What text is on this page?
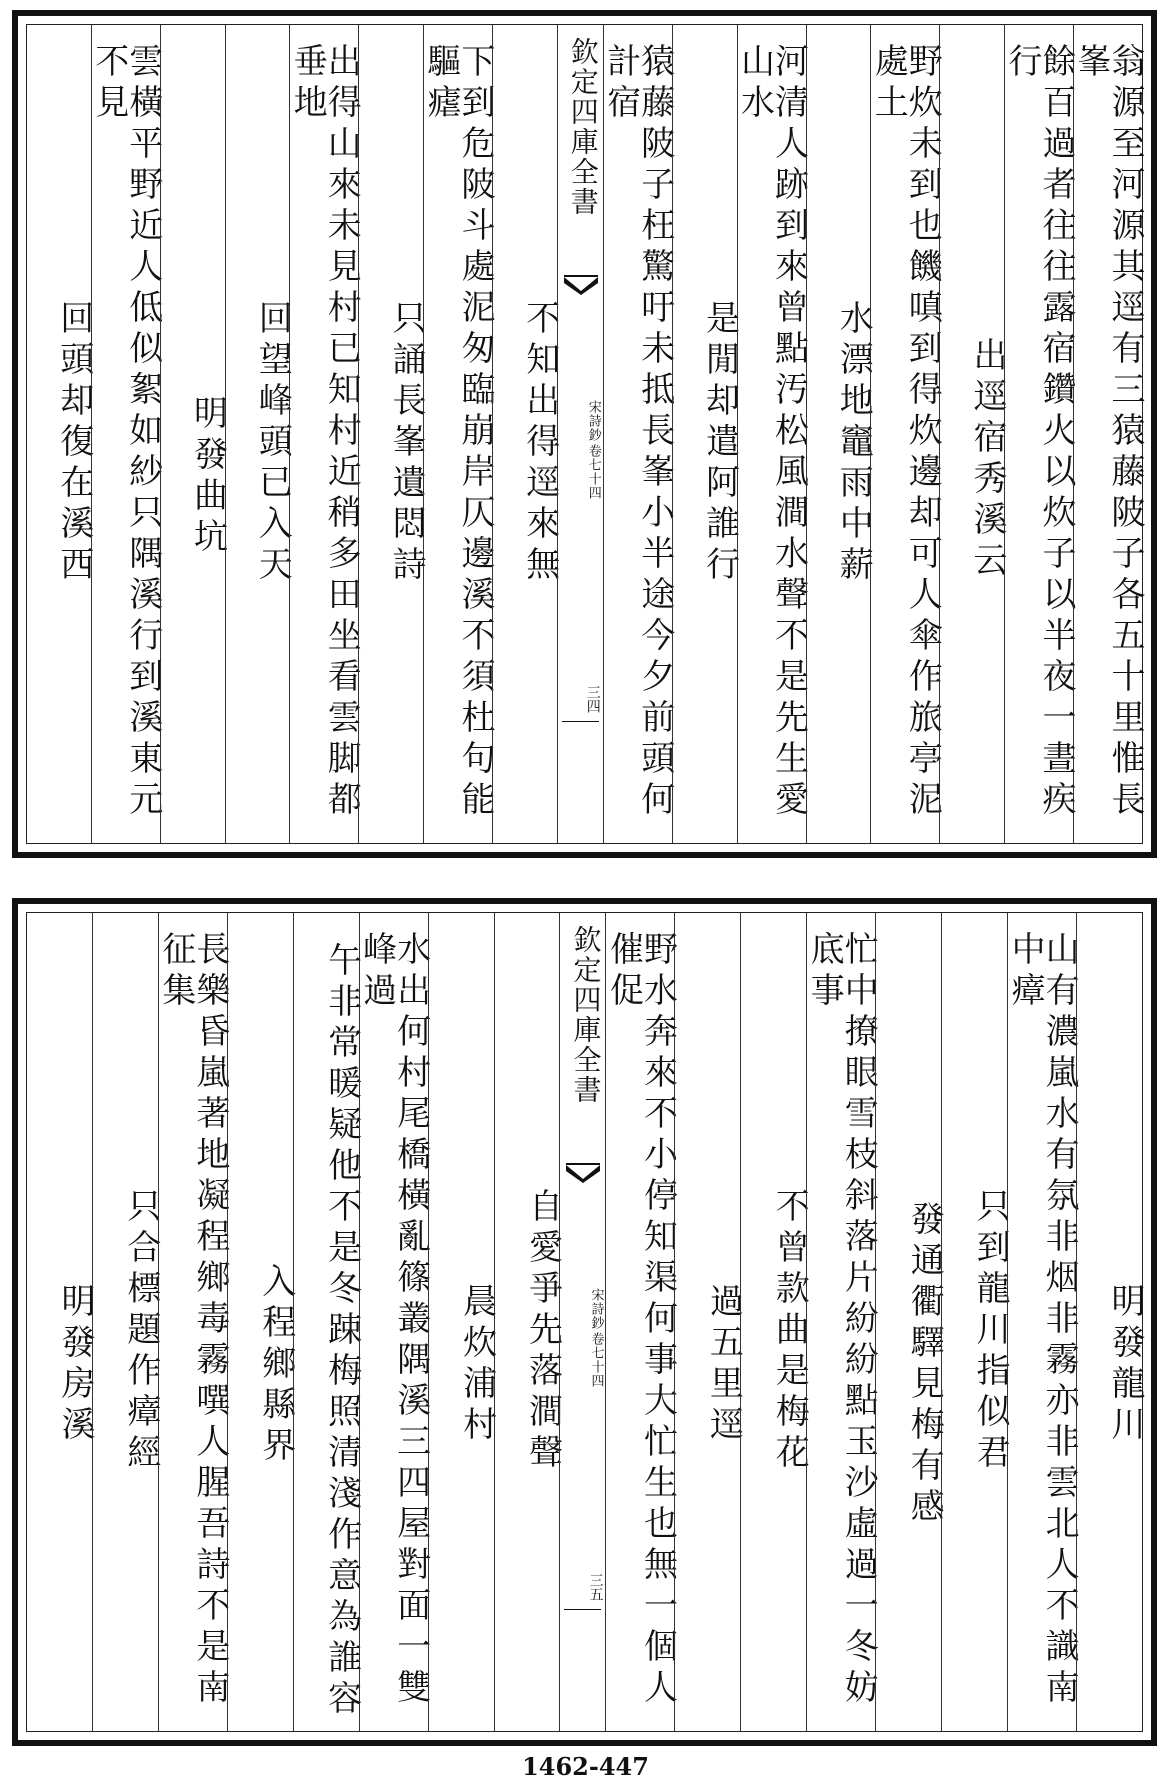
翁源至河源其逕有三猿藤陂子各五十里惟長峯
餘百過者往往露宿鑽火以炊子以半夜一晝疾行
出逕宿秀溪云
野炊未到也饑嗔到得炊邊却可人傘作旅亭泥處土
水漂地竈雨中薪
河清人跡到來曾點汚松風澗水聲不是先生愛山水
是閒却遣阿誰行
猿藤陂子枉驚吁未抵長峯小半途今夕前頭何計宿
欽定四庫全書
宋詩鈔
卷七十四
三四
不知出得逕來無
下到危陂斗處泥匆臨崩岸仄邊溪不須杜句能驅瘧
只誦長峯遺悶詩
出得山來未見村已知村近稍多田坐看雲脚都垂地
回望峰頭已入天
明發曲坑
雲橫平野近人低似絮如紗只隅溪行到溪東元不見
回頭却復在溪西
明發龍川
山有濃嵐水有氛非烟非霧亦非雲北人不識南中瘴
只到龍川指似君
發通衢驛見梅有感
忙中撩眼雪枝斜落片紛紛點玉沙虛過一冬妨底事
不曾款曲是梅花
過五里逕
野水奔來不小停知渠何事大忙生也無一個人催促
欽定四庫全書
宋詩鈔
卷七十四
三五
自愛爭先落澗聲
晨炊浦村
水出何村尾橋橫亂篠叢隅溪三四屋對面一雙峰過
午非常暖疑他不是冬踈梅照清淺作意為誰容
入程鄉縣界
長樂昏嵐著地凝程鄉毒霧噀人腥吾詩不是南征集
只合標題作瘴經
明發房溪
1462-447
